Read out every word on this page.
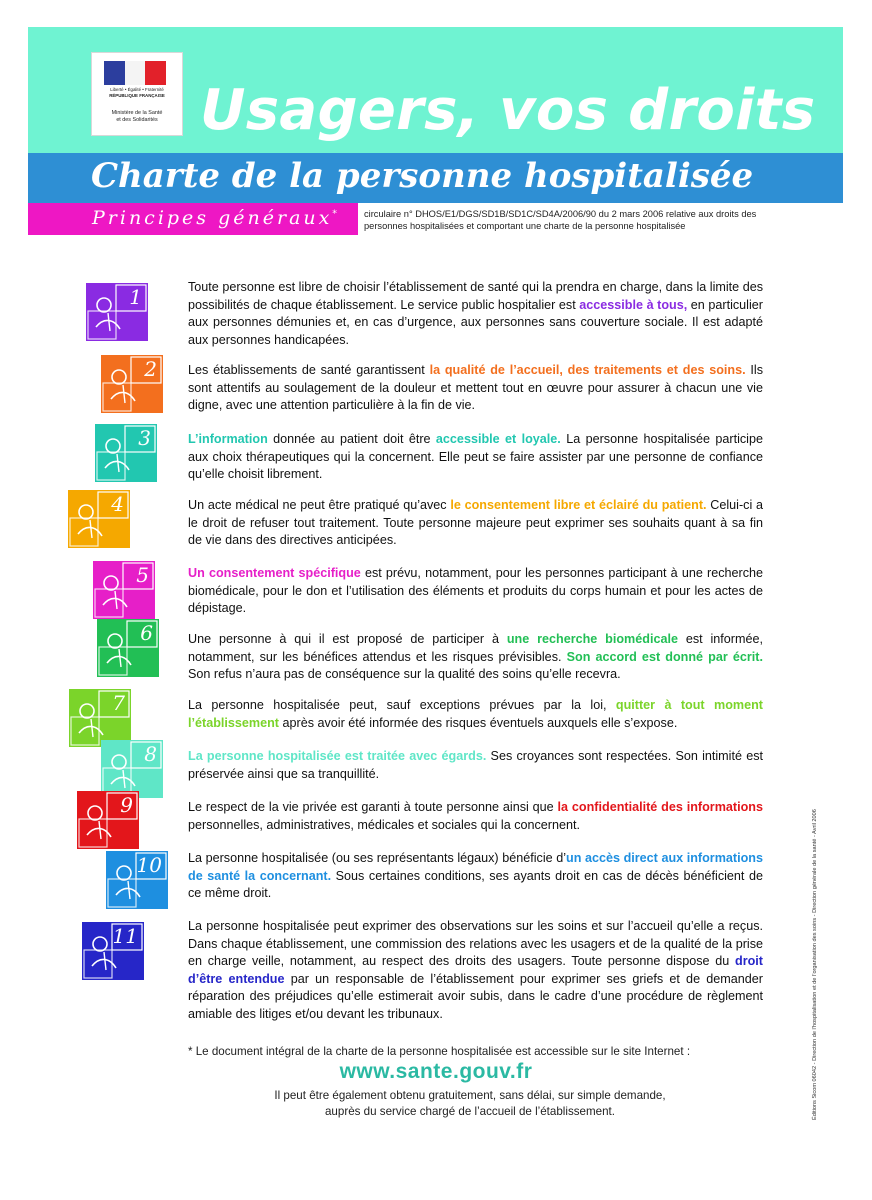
Liberté • Égalité • Fraternité
RÉPUBLIQUE FRANÇAISE
Ministère de la Santé
et des Solidarités Usagers, vos droits
Charte de la personne hospitalisée
Principes généraux*	circulaire n° DHOS/E1/DGS/SD1B/SD1C/SD4A/2006/90 du 2 mars 2006 relative aux droits des personnes hospitalisées et comportant une charte de la personne hospitalisée
1	Toute personne est libre de choisir l’établissement de santé qui la prendra en charge, dans la limite des possibilités de chaque établissement. Le service public hospitalier est accessible à tous, en particulier aux personnes démunies et, en cas d’urgence, aux personnes sans couverture sociale. Il est adapté aux personnes handicapées.
2 Les établissements de santé garantissent la qualité de l’accueil, des traitements et des soins. Ils sont attentifs au soulagement de la douleur et mettent tout en œuvre pour assurer à chacun une vie digne, avec une attention particulière à la fin de vie.
3	L’information donnée au patient doit être accessible et loyale. La personne hospitalisée participe aux choix thérapeutiques qui la concernent. Elle peut se faire assister par une personne de confiance qu’elle choisit librement.
4	Un acte médical ne peut être pratiqué qu’avec le consentement libre et éclairé du patient. Celui-ci a le droit de refuser tout traitement. Toute personne majeure peut exprimer ses souhaits quant à sa fin de vie dans des directives anticipées.
5	Un consentement spécifique est prévu, notamment, pour les personnes participant à une recherche biomédicale, pour le don et l’utilisation des éléments et produits du corps humain et pour les actes de dépistage.
6	Une personne à qui il est proposé de participer à une recherche biomédicale est informée, notamment, sur les bénéfices attendus et les risques prévisibles. Son accord est donné par écrit. Son refus n’aura pas de conséquence sur la qualité des soins qu’elle recevra.
7	La personne hospitalisée peut, sauf exceptions prévues par la loi, quitter à tout moment l’établissement après avoir été informée des risques éventuels auxquels elle s’expose.
8 La personne hospitalisée est traitée avec égards. Ses croyances sont respectées. Son intimité est préservée ainsi que sa tranquillité.
9	Le respect de la vie privée est garanti à toute personne ainsi que la confidentialité des informations personnelles, administratives, médicales et sociales qui la concernent.
10 La personne hospitalisée (ou ses représentants légaux) bénéficie d’un accès direct aux informations de santé la concernant. Sous certaines conditions, ses ayants droit en cas de décès bénéficient de ce même droit.
11	La personne hospitalisée peut exprimer des observations sur les soins et sur l’accueil qu’elle a reçus. Dans chaque établissement, une commission des relations avec les usagers et de la qualité de la prise en charge veille, notamment, au respect des droits des usagers. Toute personne dispose du droit d’être entendue par un responsable de l’établissement pour exprimer ses griefs et de demander réparation des préjudices qu’elle estimerait avoir subis, dans le cadre d’une procédure de règlement amiable des litiges et/ou devant les tribunaux.
* Le document intégral de la charte de la personne hospitalisée est accessible sur le site Internet :
www.sante.gouv.fr
Il peut être également obtenu gratuitement, sans délai, sur simple demande,
auprès du service chargé de l’accueil de l’établissement.	Éditions Sicom 06042 - Direction de l’hospitalisation et de l’organisation des soins - Direction générale de la santé - Avril 2006
